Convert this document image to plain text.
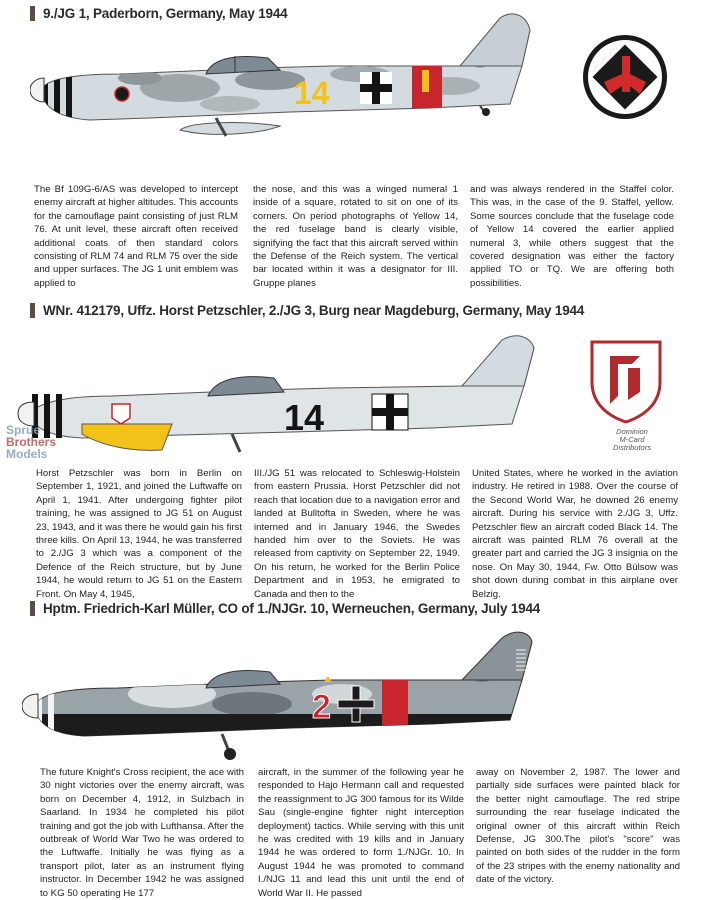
9./JG 1, Paderborn, Germany, May 1944
14
The Bf 109G-6/AS was developed to intercept enemy aircraft at higher altitudes. This accounts for the camouflage paint consisting of just RLM 76. At unit level, these aircraft often received additional coats of then standard colors consisting of RLM 74 and RLM 75 over the side and upper surfaces. The JG 1 unit emblem was applied to
the nose, and this was a winged numeral 1 inside of a square, rotated to sit on one of its corners. On period photographs of Yellow 14, the red fuselage band is clearly visible, signifying the fact that this aircraft served within the Defense of the Reich system. The vertical bar located within it was a designator for III. Gruppe planes
and was always rendered in the Staffel color. This was, in the case of the 9. Staffel, yellow. Some sources conclude that the fuselage code of Yellow 14 covered the earlier applied numeral 3, while others suggest that the covered designation was either the factory applied TO or TQ. We are offering both possibilities.
WNr. 412179, Uffz. Horst Petzschler, 2./JG 3, Burg near Magdeburg, Germany, May 1944
14
Sprue
Brothers
Models
Dominion
M-Card
Distributors
Horst Petzschler was born in Berlin on September 1, 1921, and joined the Luftwaffe on April 1, 1941. After undergoing fighter pilot training, he was assigned to JG 51 on August 23, 1943, and it was there he would gain his first three kills. On April 13, 1944, he was transferred to 2./JG 3 which was a component of the Defence of the Reich structure, but by June 1944, he would return to JG 51 on the Eastern Front. On May 4, 1945,
III./JG 51 was relocated to Schleswig-Holstein from eastern Prussia. Horst Petzschler did not reach that location due to a navigation error and landed at Bulltofta in Sweden, where he was interned and in January 1946, the Swedes handed him over to the Soviets. He was released from captivity on September 22, 1949. On his return, he worked for the Berlin Police Department and in 1953, he emigrated to Canada and then to the
United States, where he worked in the aviation industry. He retired in 1988. Over the course of the Second World War, he downed 26 enemy aircraft. During his service with 2./JG 3, Uffz. Petzschler flew an aircraft coded Black 14. The aircraft was painted RLM 76 overall at the greater part and carried the JG 3 insignia on the nose. On May 30, 1944, Fw. Otto Bülsow was shot down during combat in this airplane over Belzig.
Hptm. Friedrich-Karl Müller, CO of 1./NJGr. 10, Werneuchen, Germany, July 1944
2
The future Knight's Cross recipient, the ace with 30 night victories over the enemy aircraft, was born on December 4, 1912, in Sulzbach in Saarland. In 1934 he completed his pilot training and got the job with Lufthansa. After the outbreak of World War Two he was ordered to the Luftwaffe. Initially he was flying as a transport pilot, later as an instrument flying instructor. In December 1942 he was assigned to KG 50 operating He 177
aircraft, in the summer of the following year he responded to Hajo Hermann call and requested the reassignment to JG 300 famous for its Wilde Sau (single-engine fighter night interception deployment) tactics. While serving with this unit he was credited with 19 kills and in January 1944 he was ordered to form 1./NJGr. 10. In August 1944 he was promoted to command I./NJG 11 and lead this unit until the end of World War II. He passed
away on November 2, 1987. The lower and partially side surfaces were painted black for the better night camouflage. The red stripe surrounding the rear fuselage indicated the original owner of this aircraft within Reich Defense, JG 300.The pilot's "score" was painted on both sides of the rudder in the form of the 23 stripes with the enemy nationality and date of the victory.
